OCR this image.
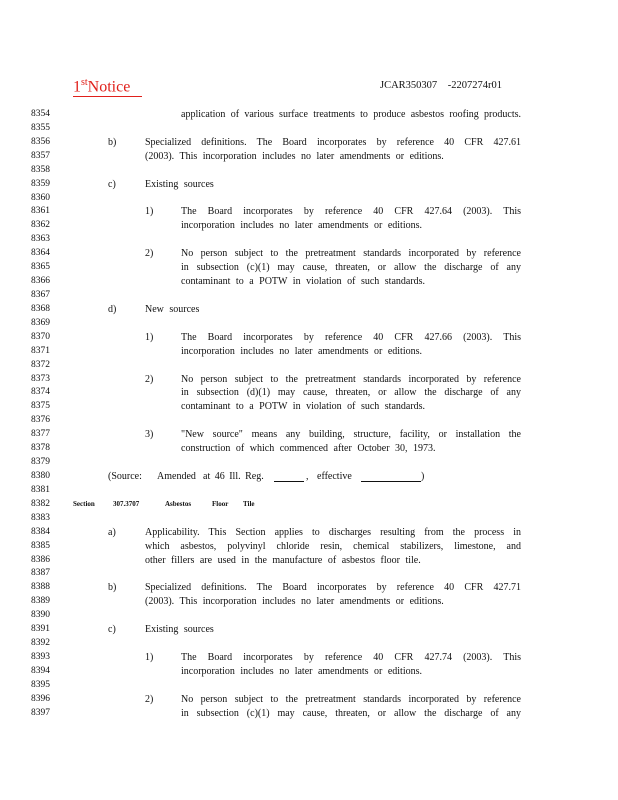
1stNotice	JCAR350307 -2207274r01
8354	application of various surface treatments to produce asbestos roofing products.
8355
8356	b)	Specialized definitions. The Board incorporates by reference 40 CFR 427.61
8357	(2003). This incorporation includes no later amendments or editions.
8358
8359	c)	Existing sources
8360
8361	1)	The Board incorporates by reference 40 CFR 427.64 (2003). This
8362	incorporation includes no later amendments or editions.
8363
8364	2)	No person subject to the pretreatment standards incorporated by reference
8365	in subsection (c)(1) may cause, threaten, or allow the discharge of any
8366	contaminant to a POTW in violation of such standards.
8367
8368	d)	New sources
8369
8370	1)	The Board incorporates by reference 40 CFR 427.66 (2003). This
8371	incorporation includes no later amendments or editions.
8372
8373	2)	No person subject to the pretreatment standards incorporated by reference
8374	in subsection (d)(1) may cause, threaten, or allow the discharge of any
8375	contaminant to a POTW in violation of such standards.
8376
8377	3)	"New source" means any building, structure, facility, or installation the
8378	construction of which commenced after October 30, 1973.
8379
8380	(Source: Amended at 46 Ill. Reg.	, effective	)
8381
8382	Section	307.3707	Asbestos	Floor Tile
8383
8384	a)	Applicability. This Section applies to discharges resulting from the process in
8385	which asbestos, polyvinyl chloride resin, chemical stabilizers, limestone, and
8386	other fillers are used in the manufacture of asbestos floor tile.
8387
8388	b)	Specialized definitions. The Board incorporates by reference 40 CFR 427.71
8389	(2003). This incorporation includes no later amendments or editions.
8390
8391	c)	Existing sources
8392
8393	1)	The Board incorporates by reference 40 CFR 427.74 (2003). This
8394	incorporation includes no later amendments or editions.
8395
8396	2)	No person subject to the pretreatment standards incorporated by reference
8397	in subsection (c)(1) may cause, threaten, or allow the discharge of any
